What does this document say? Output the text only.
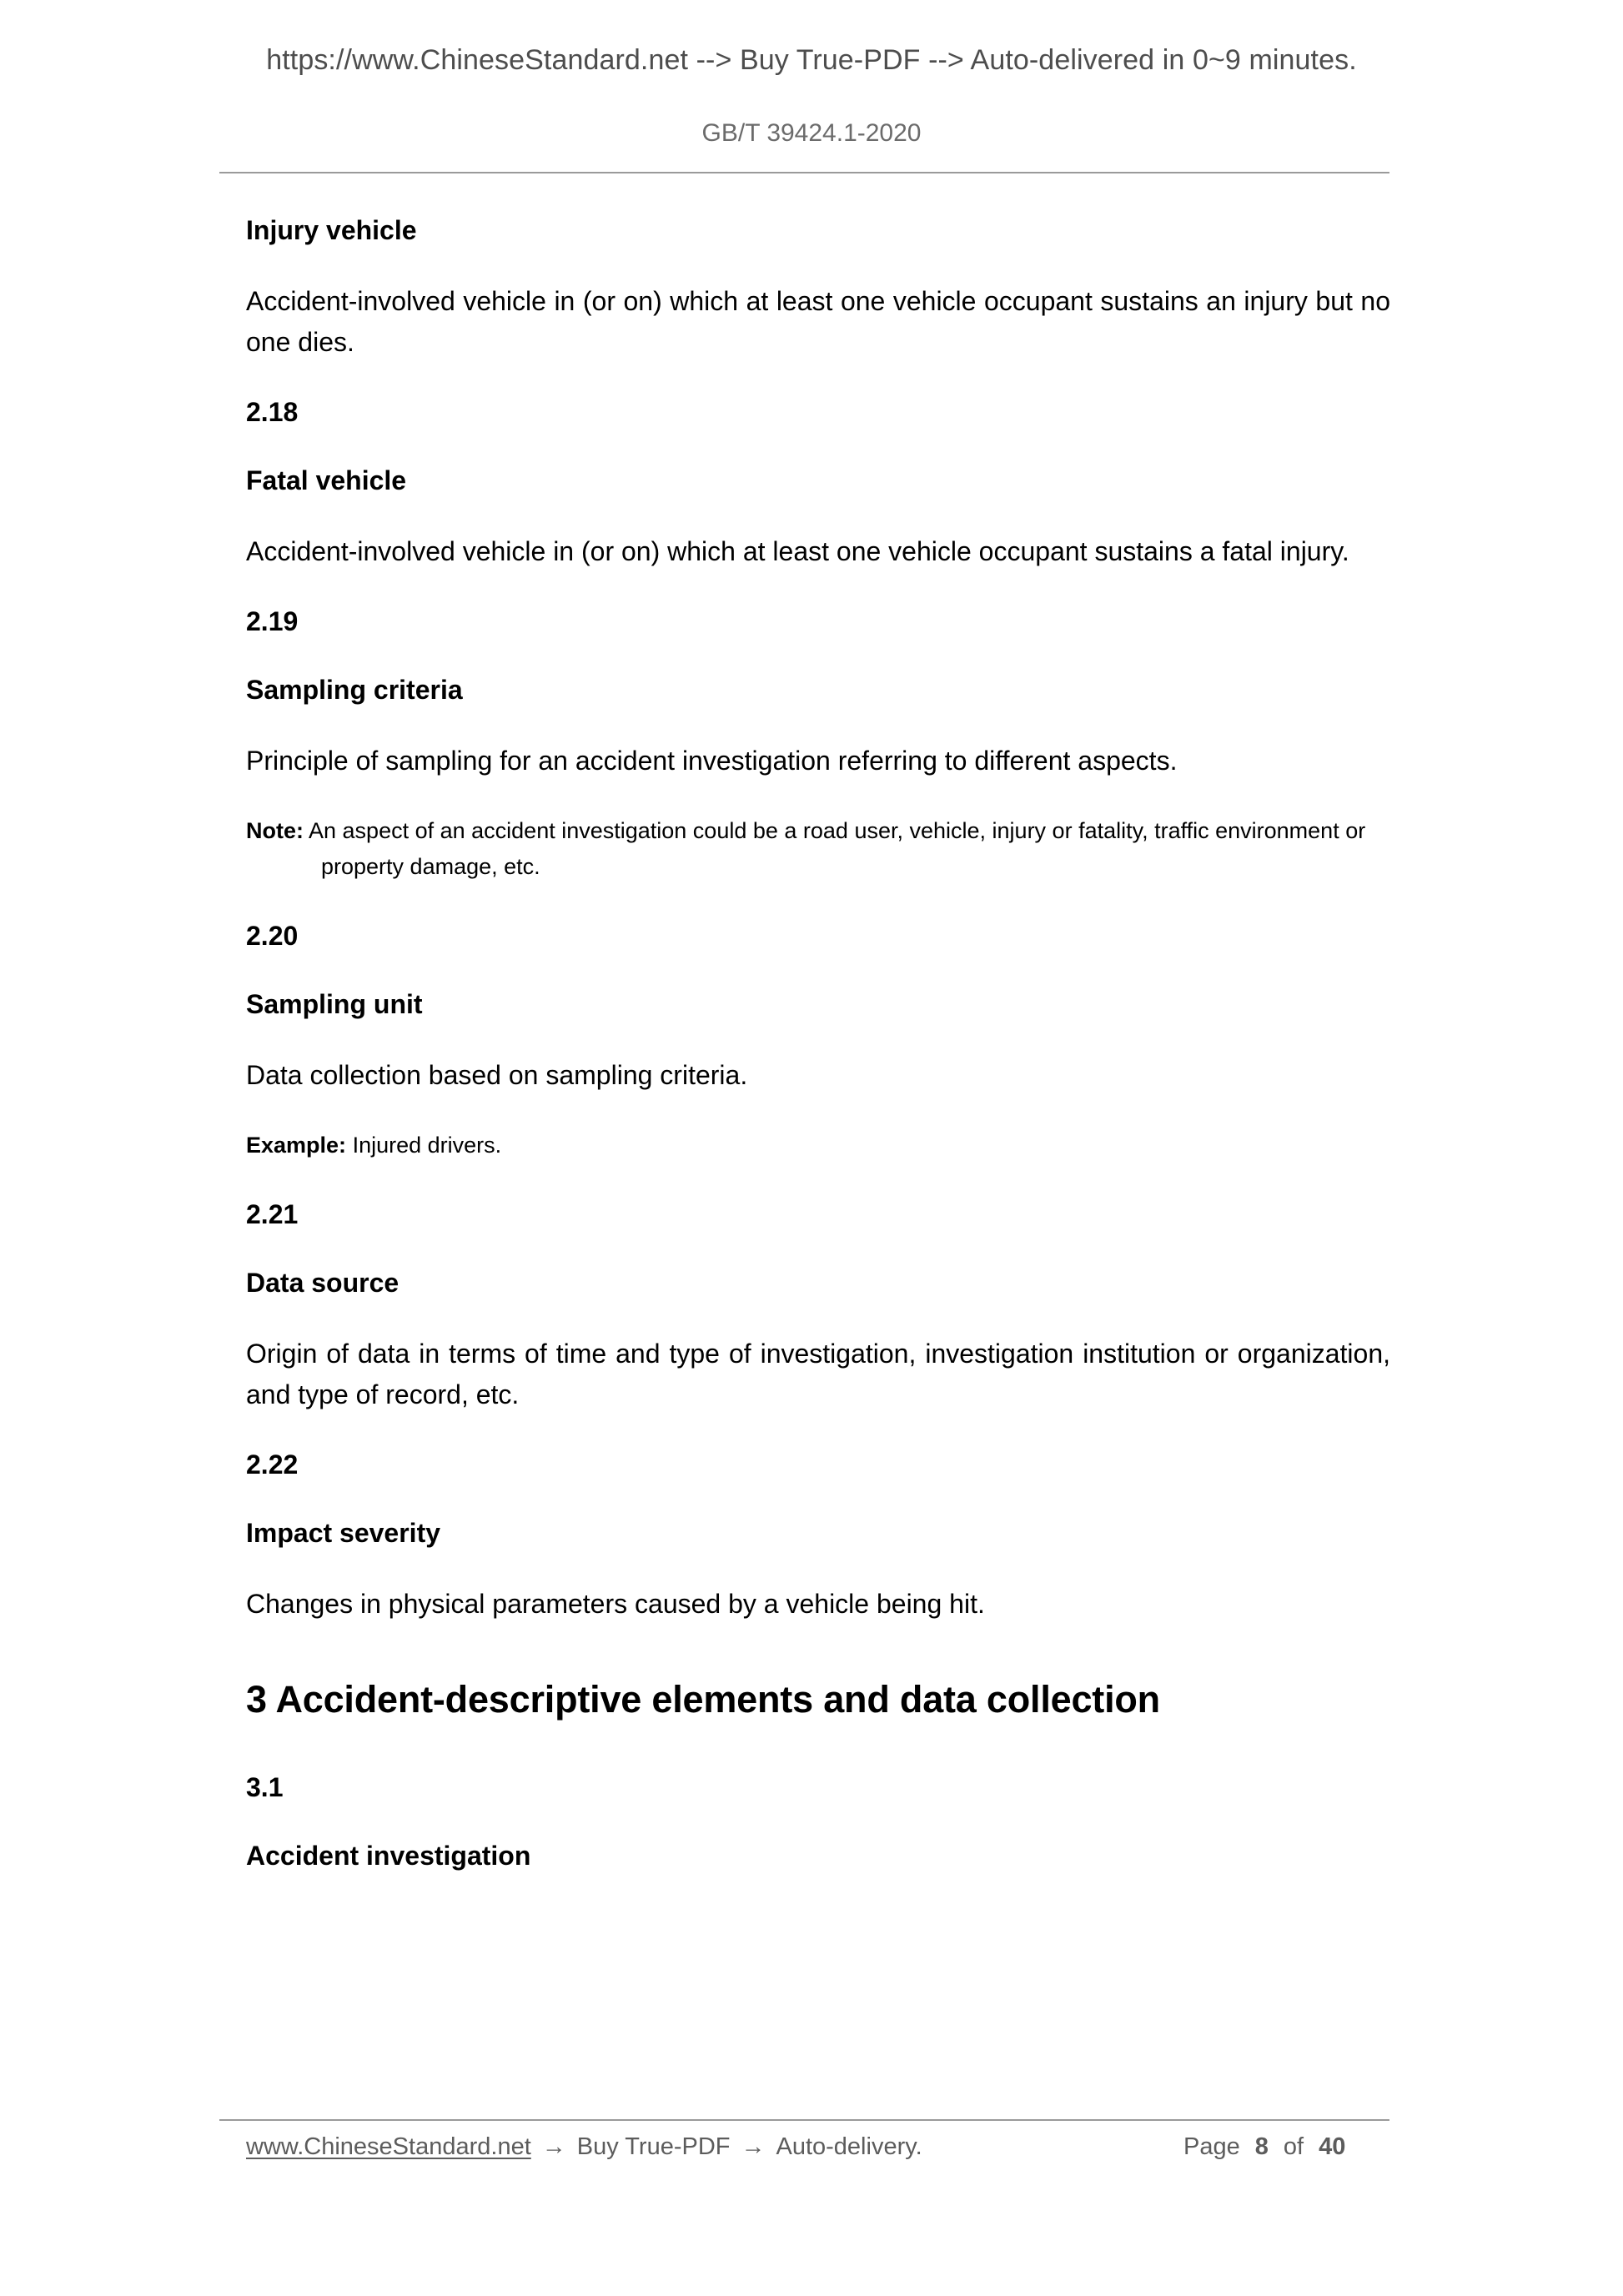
https://www.ChineseStandard.net --> Buy True-PDF --> Auto-delivered in 0~9 minutes.
GB/T 39424.1-2020

Injury vehicle

Accident-involved vehicle in (or on) which at least one vehicle occupant sustains an injury but no one dies.

2.18

Fatal vehicle

Accident-involved vehicle in (or on) which at least one vehicle occupant sustains a fatal injury.

2.19

Sampling criteria

Principle of sampling for an accident investigation referring to different aspects.

Note: An aspect of an accident investigation could be a road user, vehicle, injury or fatality, traffic environment or property damage, etc.

2.20

Sampling unit

Data collection based on sampling criteria.

Example: Injured drivers.

2.21

Data source

Origin of data in terms of time and type of investigation, investigation institution or organization, and type of record, etc.

2.22

Impact severity

Changes in physical parameters caused by a vehicle being hit.

3 Accident-descriptive elements and data collection

3.1

Accident investigation

www.ChineseStandard.net → Buy True-PDF → Auto-delivery.	Page 8 of 40
